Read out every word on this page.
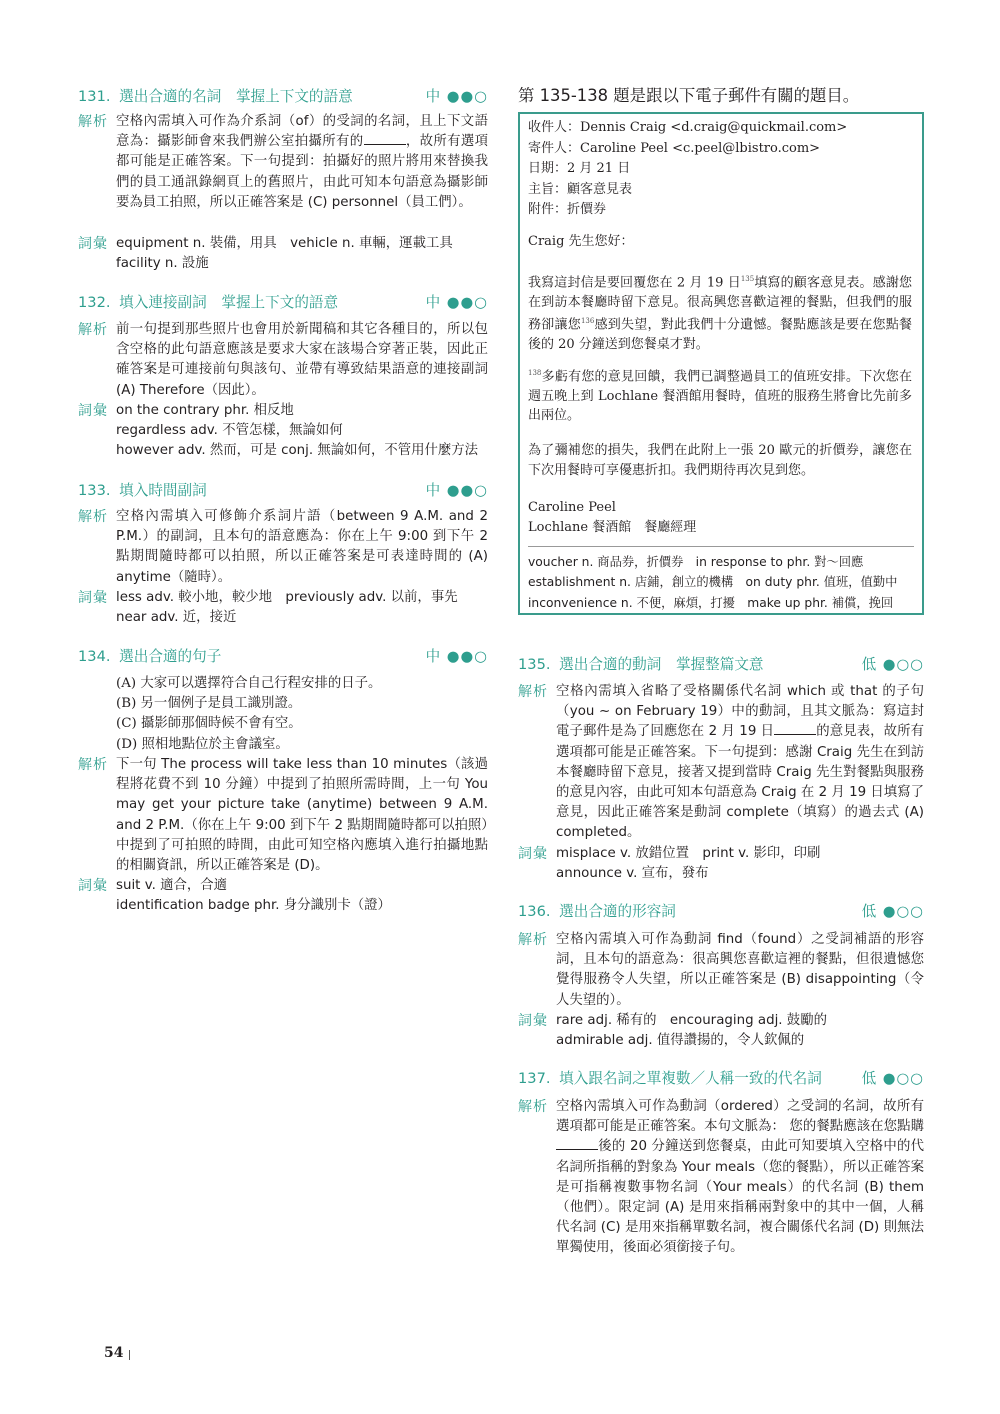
131. 選出合適的名詞 掌握上下文的語意	中 ●●○
解析 空格內需填入可作為介系詞（of）的受詞的名詞，且上下文語意為：攝影師會來我們辦公室拍攝所有的	，故所有選項都可能是正確答案。下一句提到：拍攝好的照片將用來替換我們的員工通訊錄網頁上的舊照片，由此可知本句語意為攝影師要為員工拍照，所以正確答案是 (C) personnel（員工們）。
詞彙 equipment n. 裝備，用具　vehicle n. 車輛，運載工具
facility n. 設施
132. 填入連接副詞 掌握上下文的語意	中 ●●○
解析 前一句提到那些照片也會用於新聞稿和其它各種目的，所以包含空格的此句語意應該是要求大家在該場合穿著正裝，因此正確答案是可連接前句與該句、並帶有導致結果語意的連接副詞 (A) Therefore（因此）。
詞彙 on the contrary phr. 相反地
regardless adv. 不管怎樣，無論如何
however adv. 然而，可是 conj. 無論如何，不管用什麼方法
133. 填入時間副詞	中 ●●○
解析 空格內需填入可修飾介系詞片語（between 9 A.M. and 2 P.M.）的副詞，且本句的語意應為：你在上午 9:00 到下午 2 點期間隨時都可以拍照，所以正確答案是可表達時間的 (A) anytime（隨時）。
詞彙 less adv. 較小地，較少地　previously adv. 以前，事先
near adv. 近，接近
134. 選出合適的句子	中 ●●○
(A) 大家可以選擇符合自己行程安排的日子。
(B) 另一個例子是員工識別證。
(C) 攝影師那個時候不會有空。
(D) 照相地點位於主會議室。
解析 下一句 The process will take less than 10 minutes（該過程將花費不到 10 分鐘）中提到了拍照所需時間，上一句 You may get your picture take (anytime) between 9 A.M. and 2 P.M.（你在上午 9:00 到下午 2 點期間隨時都可以拍照）中提到了可拍照的時間，由此可知空格內應填入進行拍攝地點的相關資訊，所以正確答案是 (D)。
詞彙 suit v. 適合，合適
identification badge phr. 身分識別卡（證）
第 135-138 題是跟以下電子郵件有關的題目。
收件人：Dennis Craig <d.craig@quickmail.com>
寄件人：Caroline Peel <c.peel@lbistro.com>
日期：2 月 21 日
主旨：顧客意見表
附件：折價券
Craig 先生您好：
我寫這封信是要回覆您在 2 月 19 日$^{135}$填寫的顧客意見表。感謝您在到訪本餐廳時留下意見。很高興您喜歡這裡的餐點，但我們的服務卻讓您$^{136}$感到失望，對此我們十分遺憾。餐點應該是要在您點餐後的 20 分鐘送到您餐桌才對。
$^{138}$多虧有您的意見回饋，我們已調整過員工的值班安排。下次您在週五晚上到 Lochlane 餐酒館用餐時，值班的服務生將會比先前多出兩位。
為了彌補您的損失，我們在此附上一張 20 歐元的折價券，讓您在下次用餐時可享優惠折扣。我們期待再次見到您。
Caroline Peel
Lochlane 餐酒館　餐廳經理
voucher n. 商品券，折價券　in response to phr. 對～回應
establishment n. 店鋪，創立的機構　on duty phr. 值班，值勤中
inconvenience n. 不便，麻煩，打擾　make up phr. 補償，挽回
135. 選出合適的動詞 掌握整篇文意	低 ●○○
解析 空格內需填入省略了受格關係代名詞 which 或 that 的子句（you ~ on February 19）中的動詞，且其文脈為：寫這封電子郵件是為了回應您在 2 月 19 日	的意見表，故所有選項都可能是正確答案。下一句提到：感謝 Craig 先生在到訪本餐廳時留下意見，接著又提到當時 Craig 先生對餐點與服務的意見內容，由此可知本句語意為 Craig 在 2 月 19 日填寫了意見，因此正確答案是動詞 complete（填寫）的過去式 (A) completed。
詞彙 misplace v. 放錯位置　print v. 影印，印刷
announce v. 宣布，發布
136. 選出合適的形容詞	低 ●○○
解析 空格內需填入可作為動詞 find（found）之受詞補語的形容詞，且本句的語意為：很高興您喜歡這裡的餐點，但很遺憾您覺得服務令人失望，所以正確答案是 (B) disappointing（令人失望的）。
詞彙 rare adj. 稀有的　encouraging adj. 鼓勵的
admirable adj. 值得讚揚的，令人欽佩的
137. 填入跟名詞之單複數／人稱一致的代名詞	低 ●○○
解析 空格內需填入可作為動詞（ordered）之受詞的名詞，故所有選項都可能是正確答案。本句文脈為： 您的餐點應該在您點購後的 20 分鐘送到您餐桌，由此可知要填入空格中的代名詞所指稱的對象為 Your meals（您的餐點），所以正確答案是可指稱複數事物名詞（Your meals）的代名詞 (B) them（他們）。限定詞 (A) 是用來指稱兩對象中的其中一個，人稱代名詞 (C) 是用來指稱單數名詞，複合關係代名詞 (D) 則無法單獨使用，後面必須銜接子句。
54
